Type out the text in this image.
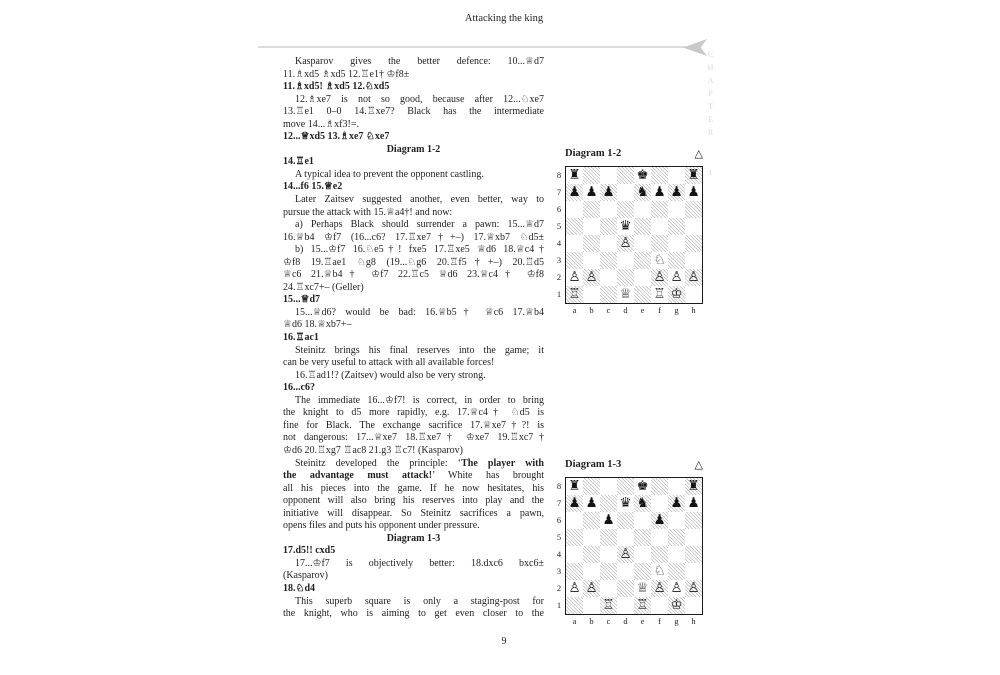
Attacking the king
CHAPTER 1
Kasparov gives the better defence: 10...♕d7
11.♗xd5 ♗xd5 12.♖e1† ♔f8±
11.♗xd5! ♗xd5 12.♘xd5
12.♗xe7 is not so good, because after 12...♘xe7
13.♖e1 0–0 14.♖xe7? Black has the intermediate
move 14...♗xf3!=.
12...♕xd5 13.♗xe7 ♘xe7
Diagram 1-2
14.♖e1
A typical idea to prevent the opponent castling.
14...f6 15.♕e2
Later Zaitsev suggested another, even better, way to
pursue the attack with 15.♕a4†! and now:
a) Perhaps Black should surrender a pawn: 15...♕d7
16.♕b4 ♔f7 (16...c6? 17.♖xe7†+–) 17.♕xb7 ♘d5±
b) 15...♔f7 16.♘e5†! fxe5 17.♖xe5 ♕d6 18.♕c4†
♔f8 19.♖ae1 ♘g8 (19...♘g6 20.♖f5†+–) 20.♖d5
♕c6 21.♕b4† ♔f7 22.♖c5 ♕d6 23.♕c4† ♔f8
24.♖xc7+– (Geller)
15...♕d7
15...♕d6? would be bad: 16.♕b5† ♕c6 17.♕b4
♕d6 18.♕xb7+–
16.♖ac1
Steinitz brings his final reserves into the game; it
can be very useful to attack with all available forces!
16.♖ad1!? (Zaitsev) would also be very strong.
16...c6?
The immediate 16...♔f7! is correct, in order to bring
the knight to d5 more rapidly, e.g. 17.♕c4† ♘d5 is
fine for Black. The exchange sacrifice 17.♕xe7†?! is
not dangerous: 17...♕xe7 18.♖xe7† ♔xe7 19.♖xc7†
♔d6 20.♖xg7 ♖ac8 21.g3 ♖c7! (Kasparov)
Steinitz developed the principle: ‘The player with
the advantage must attack!’ White has brought
all his pieces into the game. If he now hesitates, his
opponent will also bring his reserves into play and the
initiative will disappear. So Steinitz sacrifices a pawn,
opens files and puts his opponent under pressure.
Diagram 1-3
17.d5!! cxd5
17...♔f7 is objectively better: 18.dxc6 bxc6±
(Kasparov)
18.♘d4
This superb square is only a staging-post for
the knight, who is aiming to get even closer to the
Diagram 1-2	△
8
7
6
5
4
3
2
1
♜	♚	♜
♟ ♟ ♟ ♞ ♟ ♟ ♟
♛
♙
♘
♙ ♙	♙ ♙ ♙
♖	♕ ♖ ♔
a	b	c	d	e	f	g	h
Diagram 1-3	△
8
7
6
5
4
3
2
1
♜	♚	♜
♟ ♟ ♛ ♞ ♟ ♟
♟	♟
♙
♘
♙ ♙	♕ ♙ ♙ ♙
♖ ♖ ♔
a	b	c	d	e	f	g	h
9
